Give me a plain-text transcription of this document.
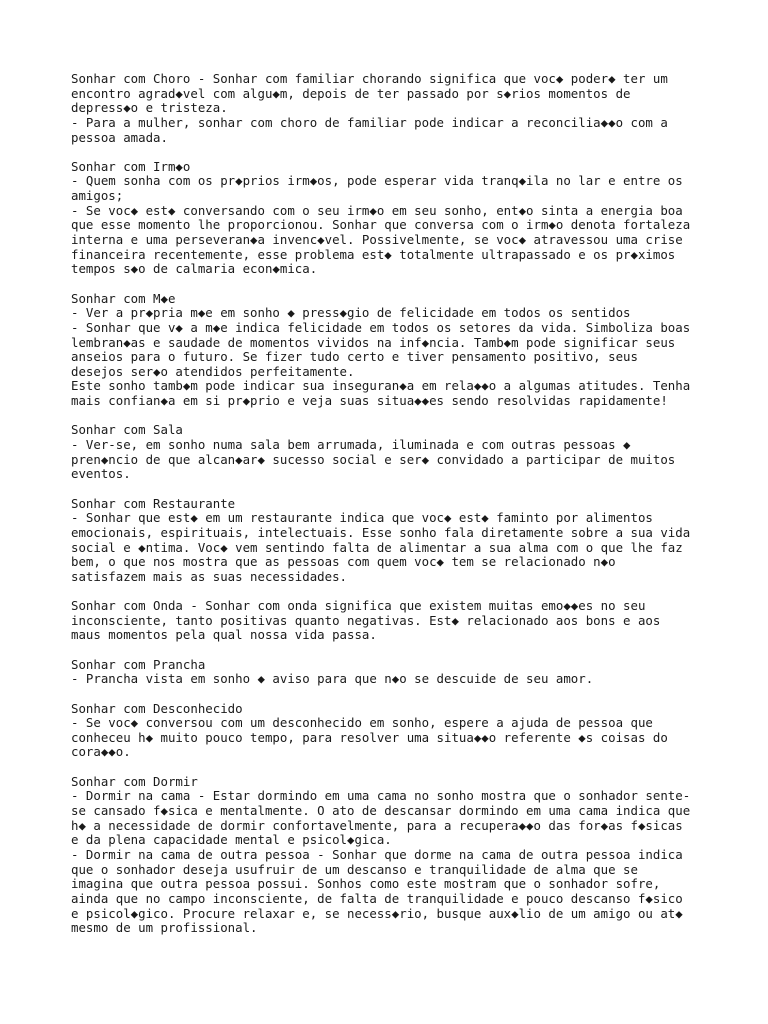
Sonhar com Choro - Sonhar com familiar chorando significa que voc◆ poder◆ ter um
encontro agrad◆vel com algu◆m, depois de ter passado por s◆rios momentos de
depress◆o e tristeza.
- Para a mulher, sonhar com choro de familiar pode indicar a reconcilia◆◆o com a
pessoa amada.
Sonhar com Irm◆o
- Quem sonha com os pr◆prios irm◆os, pode esperar vida tranq◆ila no lar e entre os
amigos;
- Se voc◆ est◆ conversando com o seu irm◆o em seu sonho, ent◆o sinta a energia boa
que esse momento lhe proporcionou. Sonhar que conversa com o irm◆o denota fortaleza
interna e uma perseveran◆a invenc◆vel. Possivelmente, se voc◆ atravessou uma crise
financeira recentemente, esse problema est◆ totalmente ultrapassado e os pr◆ximos
tempos s◆o de calmaria econ◆mica.
Sonhar com M◆e
- Ver a pr◆pria m◆e em sonho ◆ press◆gio de felicidade em todos os sentidos
- Sonhar que v◆ a m◆e indica felicidade em todos os setores da vida. Simboliza boas
lembran◆as e saudade de momentos vividos na inf◆ncia. Tamb◆m pode significar seus
anseios para o futuro. Se fizer tudo certo e tiver pensamento positivo, seus
desejos ser◆o atendidos perfeitamente.
Este sonho tamb◆m pode indicar sua inseguran◆a em rela◆◆o a algumas atitudes. Tenha
mais confian◆a em si pr◆prio e veja suas situa◆◆es sendo resolvidas rapidamente!
Sonhar com Sala
- Ver-se, em sonho numa sala bem arrumada, iluminada e com outras pessoas ◆
pren◆ncio de que alcan◆ar◆ sucesso social e ser◆ convidado a participar de muitos
eventos.
Sonhar com Restaurante
- Sonhar que est◆ em um restaurante indica que voc◆ est◆ faminto por alimentos
emocionais, espirituais, intelectuais. Esse sonho fala diretamente sobre a sua vida
social e ◆ntima. Voc◆ vem sentindo falta de alimentar a sua alma com o que lhe faz
bem, o que nos mostra que as pessoas com quem voc◆ tem se relacionado n◆o
satisfazem mais as suas necessidades.
Sonhar com Onda - Sonhar com onda significa que existem muitas emo◆◆es no seu
inconsciente, tanto positivas quanto negativas. Est◆ relacionado aos bons e aos
maus momentos pela qual nossa vida passa.
Sonhar com Prancha
- Prancha vista em sonho ◆ aviso para que n◆o se descuide de seu amor.
Sonhar com Desconhecido
- Se voc◆ conversou com um desconhecido em sonho, espere a ajuda de pessoa que
conheceu h◆ muito pouco tempo, para resolver uma situa◆◆o referente ◆s coisas do
cora◆◆o.
Sonhar com Dormir
- Dormir na cama - Estar dormindo em uma cama no sonho mostra que o sonhador sente-
se cansado f◆sica e mentalmente. O ato de descansar dormindo em uma cama indica que
h◆ a necessidade de dormir confortavelmente, para a recupera◆◆o das for◆as f◆sicas
e da plena capacidade mental e psicol◆gica.
- Dormir na cama de outra pessoa - Sonhar que dorme na cama de outra pessoa indica
que o sonhador deseja usufruir de um descanso e tranquilidade de alma que se
imagina que outra pessoa possui. Sonhos como este mostram que o sonhador sofre,
ainda que no campo inconsciente, de falta de tranquilidade e pouco descanso f◆sico
e psicol◆gico. Procure relaxar e, se necess◆rio, busque aux◆lio de um amigo ou at◆
mesmo de um profissional.
